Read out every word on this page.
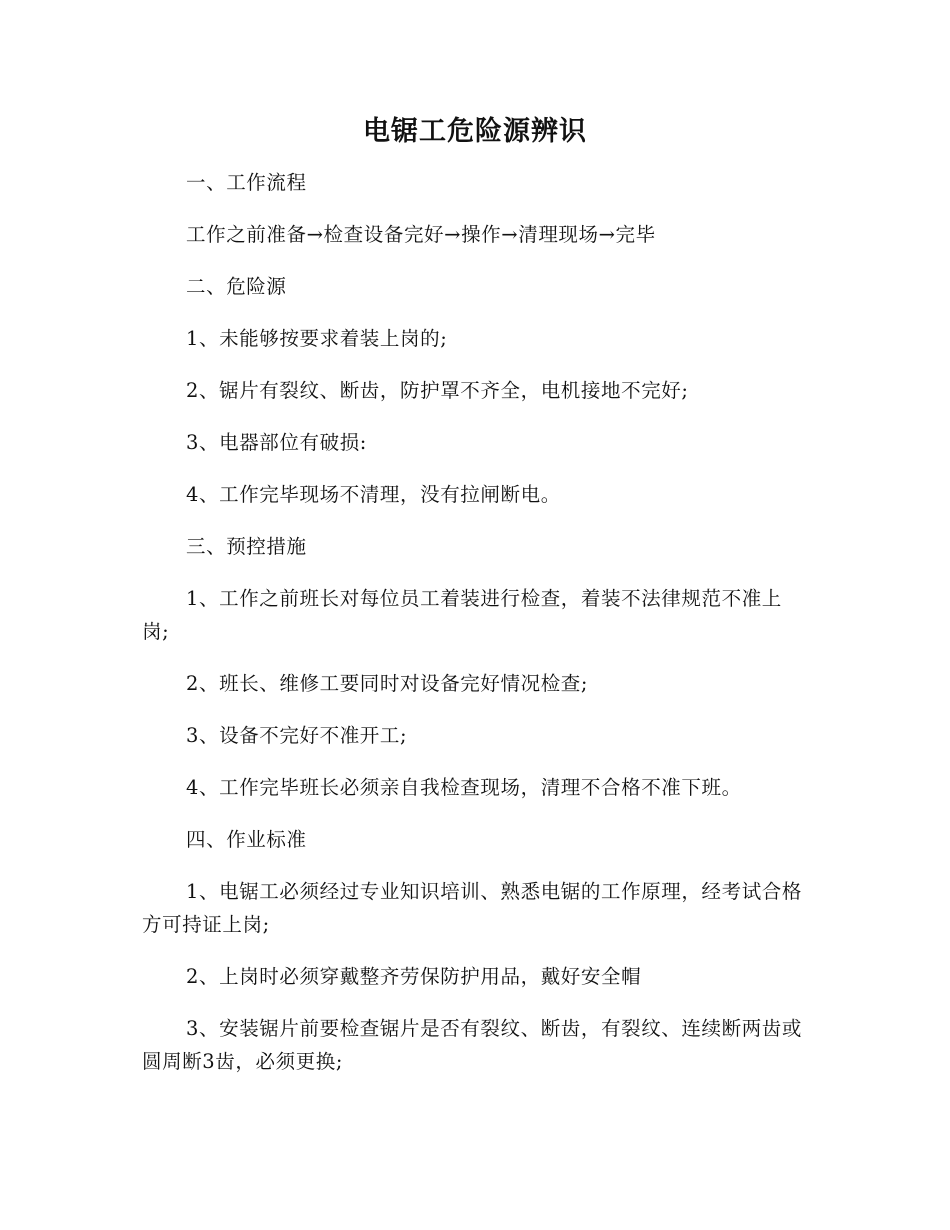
电锯工危险源辨识

一、工作流程

工作之前准备→检查设备完好→操作→清理现场→完毕

二、危险源

1、未能够按要求着装上岗的;

2、锯片有裂纹、断齿，防护罩不齐全，电机接地不完好;

3、电器部位有破损:

4、工作完毕现场不清理，没有拉闸断电。

三、预控措施

1、工作之前班长对每位员工着装进行检查，着装不法律规范不准上岗;

2、班长、维修工要同时对设备完好情况检查;

3、设备不完好不准开工;

4、工作完毕班长必须亲自我检查现场，清理不合格不准下班。

四、作业标准

1、电锯工必须经过专业知识培训、熟悉电锯的工作原理，经考试合格方可持证上岗;

2、上岗时必须穿戴整齐劳保防护用品，戴好安全帽

3、安装锯片前要检查锯片是否有裂纹、断齿，有裂纹、连续断两齿或圆周断3齿，必须更换;
